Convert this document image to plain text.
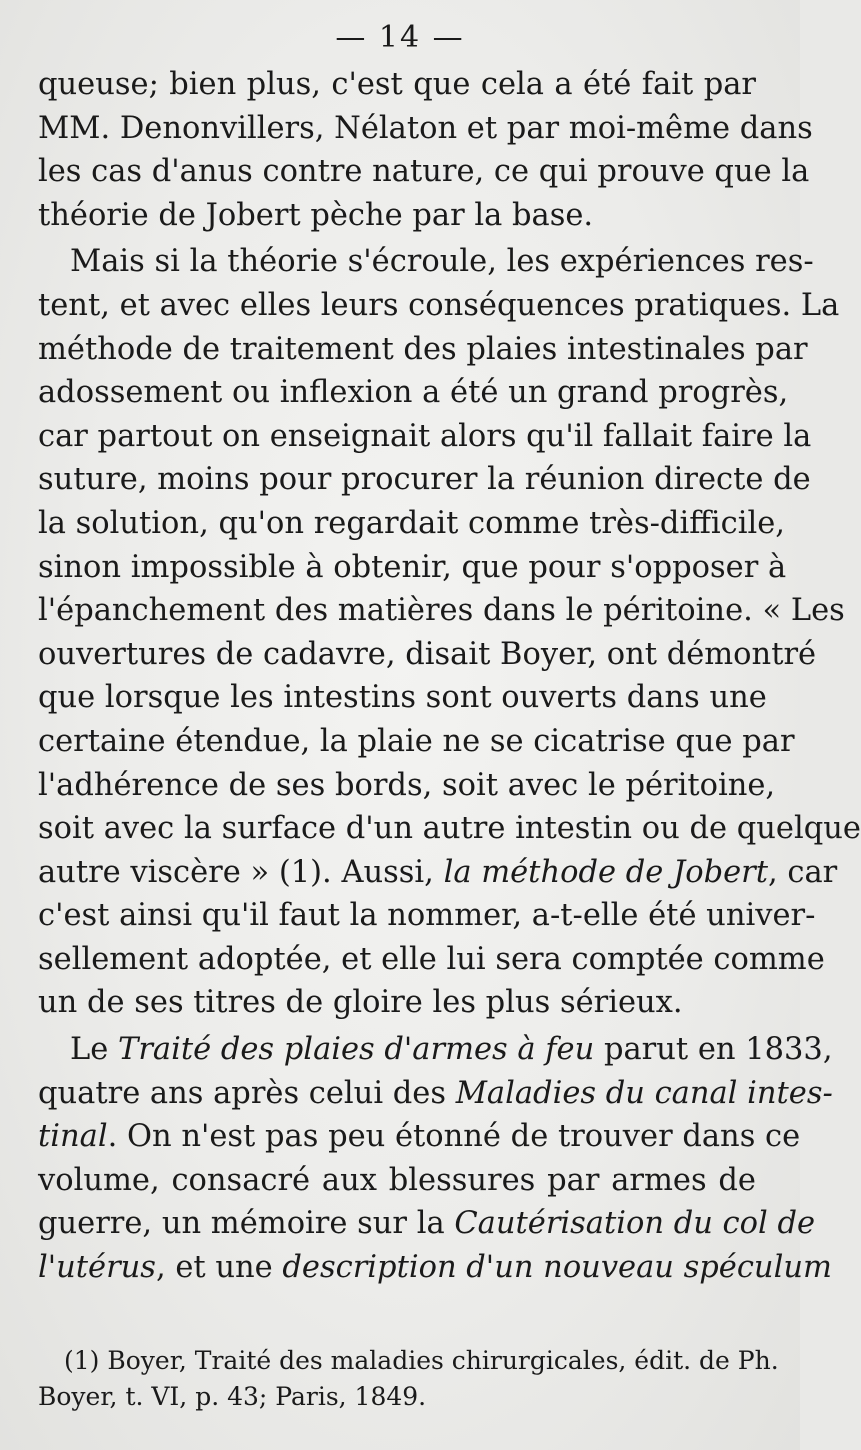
— 14 —
queuse; bien plus, c'est que cela a été fait par
MM. Denonvillers, Nélaton et par moi-même dans
les cas d'anus contre nature, ce qui prouve que la
théorie de Jobert pèche par la base.
Mais si la théorie s'écroule, les expériences res-
tent, et avec elles leurs conséquences pratiques. La
méthode de traitement des plaies intestinales par
adossement ou inflexion a été un grand progrès,
car partout on enseignait alors qu'il fallait faire la
suture, moins pour procurer la réunion directe de
la solution, qu'on regardait comme très-difficile,
sinon impossible à obtenir, que pour s'opposer à
l'épanchement des matières dans le péritoine. « Les
ouvertures de cadavre, disait Boyer, ont démontré
que lorsque les intestins sont ouverts dans une
certaine étendue, la plaie ne se cicatrise que par
l'adhérence de ses bords, soit avec le péritoine,
soit avec la surface d'un autre intestin ou de quelque
autre viscère » (1). Aussi, la méthode de Jobert, car
c'est ainsi qu'il faut la nommer, a-t-elle été univer-
sellement adoptée, et elle lui sera comptée comme
un de ses titres de gloire les plus sérieux.
Le Traité des plaies d'armes à feu parut en 1833,
quatre ans après celui des Maladies du canal intes-
tinal. On n'est pas peu étonné de trouver dans ce
volume, consacré aux blessures par armes de
guerre, un mémoire sur la Cautérisation du col de
l'utérus, et une description d'un nouveau spéculum
(1) Boyer, Traité des maladies chirurgicales, édit. de Ph.
Boyer, t. VI, p. 43; Paris, 1849.
